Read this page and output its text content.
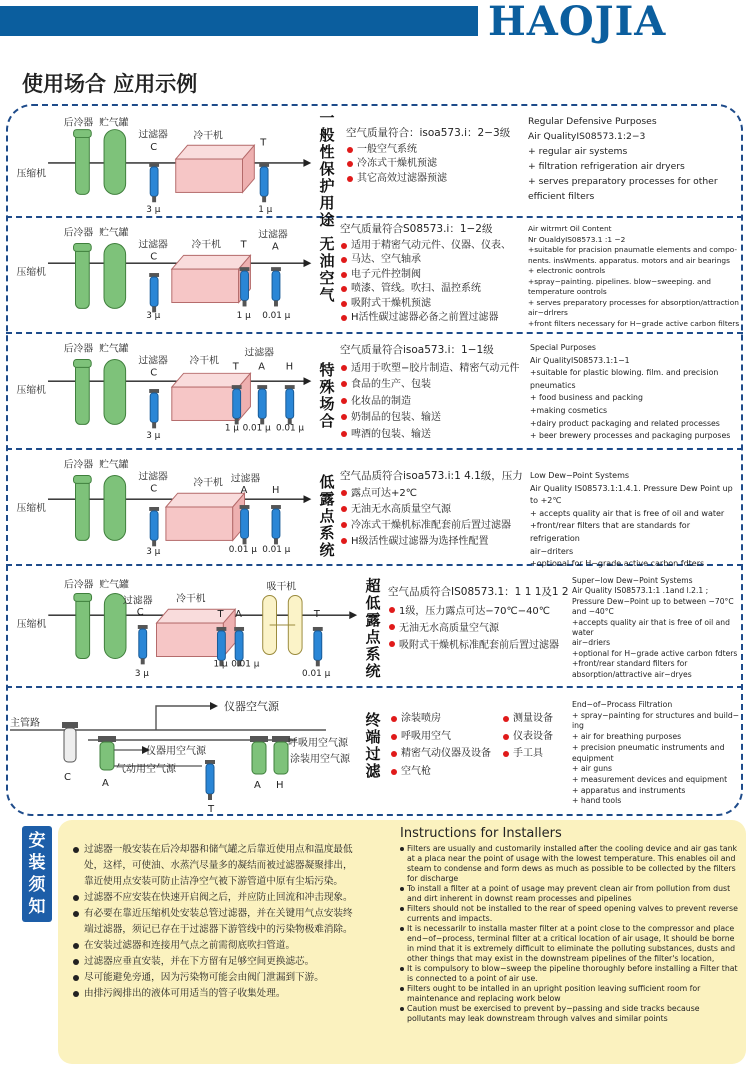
HAOJIA
使用场合 应用示例
压缩机
后冷器 贮气罐
过滤器
C
3 μ
冷干机
T
1 μ
一般性保护用途
空气质量符合：isoa573.i：2−3级
一般空气系统
冷冻式干燥机预滤
其它高效过滤器预滤
Regular Defensive Purposes
Air QualityIS08573.1:2−3
+ regular air systems
+ filtration refrigeration air dryers
+ serves preparatory processes for other
efficient filters
压缩机
后冷器 贮气罐
过滤器
C
3 μ
冷干机 T
1 μ
过滤器
A
0.01 μ
无油空气
空气质量符合S08573.i：1−2级
适用于精密气动元件、仪器、仪表、
马达、空气轴承
电子元件控制阀
喷漆、管线。吹扫、温控系统
吸附式干燥机预滤
H活性碳过滤器必备之前置过滤器
Air witrmrt Oil Content
Nr OualdyIS08573.1 :1 −2
+suitable for pracision pnaumatle elements and compo-
nents. insWments. apparatus. motors and air bearings
+ electronic oontrols
+spray−painting. pipelines. blow−sweeping. and
temperature oontrols
+ serves preparatory processes for absorption/attraction
air−drlrers
+front filters necessary for H−grade active carbon filters
压缩机
后冷器 贮气罐
过滤器
C
3 μ
冷干机
过滤器
T A H
1 μ 0.01 μ 0.01 μ
特殊场合
空气质量符合isoa573.i：1−1级
适用于吹塑−胶片制造、精密气动元件
食品的生产、包装
化妆品的制造
奶制品的包装、输送
啤酒的包装、输送
Special Purposes
Air QualityIS08573.1:1−1
+suitable for plastic blowing. film. and precision
pneumatics
+ food business and packing
+making cosmetics
+dairy product packaging and related processes
+ beer brewery processes and packaging purposes
压缩机
后冷器 贮气罐
过滤器
C
3 μ
冷干机 过滤器
A H
0.01 μ 0.01 μ
低露点系统
空气品质符合isoa573.i:1 4.1级，压力
露点可达+2℃
无油无水高质量空气源
冷冻式干燥机标准配套前后置过滤器
H级活性碳过滤器为选择性配置
Low Dew−Point Systems
Air Quality IS08573.1:1.4.1. Pressure Dew Point up
to +2℃
+ accepts quality air that is free of oil and water
+front/rear filters that are standards for refrigeration
air−driters
+optional for H−grade active carbon fdters
压缩机
后冷器 贮气罐
过滤器
C
3 μ
冷干机
T A
1 μ 0.01 μ
吸干机
T
0.01 μ
超低露点系统
空气品质符合IS08573.1：1 1 1及1 2
1级，压力露点可达−70℃−40℃
无油无水高质量空气源
吸附式干燥机标准配套前后置过滤器
Super−low Dew−Point Systems
Air Quality IS08573.1:1 .1and l.2.1 ;
Pressure Dew−Point up to between −70°C
and −40°C
+accepts quality air that is free of oil and
water
air−driers
+optional for H−grade active carbon fdters
+front/rear standard filters for
absorption/attractive air−dryes
主管路
C
仪器空气源
A
仪器用空气源
气动用空气源
T
A H
呼吸用空气源
涂装用空气源
终端过滤
涂装喷房
呼吸用空气
精密气动仪器及设备
空气枪
测量设备
仪表设备
手工具
End−of−Procass Filtration
+ spray−painting for structures and build−
ing
+ air for breathing purposes
+ precision pneumatic instruments and
equipment
+ air guns
+ measurement devices and equipment
+ apparatus and instruments
+ hand tools
安装须知
过滤器一般安装在后冷却器和储气罐之后靠近使用点和温度最低处，这样，可使油、水蒸汽尽量多的凝结而被过滤器凝聚排出，靠近使用点安装可防止洁净空气被下游管道中原有尘垢污染。
过滤器不应安装在快速开启阀之后，并应防止回流和冲击现象。
有必要在靠近压缩机处安装总管过滤器，并在关键用气点安装终端过滤器，须记已存在于过滤器下游管线中的污染物极难消除。
在安装过滤器和连接用气点之前需彻底吹扫管道。
过滤器应垂直安装，并在下方留有足够空间更换滤芯。
尽可能避免旁通，因为污染物可能会由阀门泄漏到下游。
由排污阀排出的液体可用适当的管子收集处理。
Instructions for Installers
Filters are usually and customarily installed after the cooling device and air gas tank at a placa near the point of usage with the lowest temperature. This enables oil and steam to condense and form dews as much as possible to be collected by the filters for discharge
To install a filter at a point of usage may prevent clean air from pollution from dust and dirt inherent in downst ream processes and pipelines
Filters should not be installed to the rear of speed opening valves to prevent reverse currents and impacts.
It is necessarilr to installa master filter at a point close to the compressor and place end−of−process, terminal filter at a critical location of air usage, It should be borne in mind that it is extremely difficult to eliminate the polluting substances, dusts and other things that may exist in the downstream pipelines of the filter's location,
It is compulsory to blow−sweep the pipeline thoroughly before installing a Filter that is connected to a point of air use.
Filters ought to be intalled in an upright position leaving sufficient room for maintenance and replacing work below
Caution must be exercised to prevent by−passing and side tracks because pollutants may leak downstream through valves and similar points
